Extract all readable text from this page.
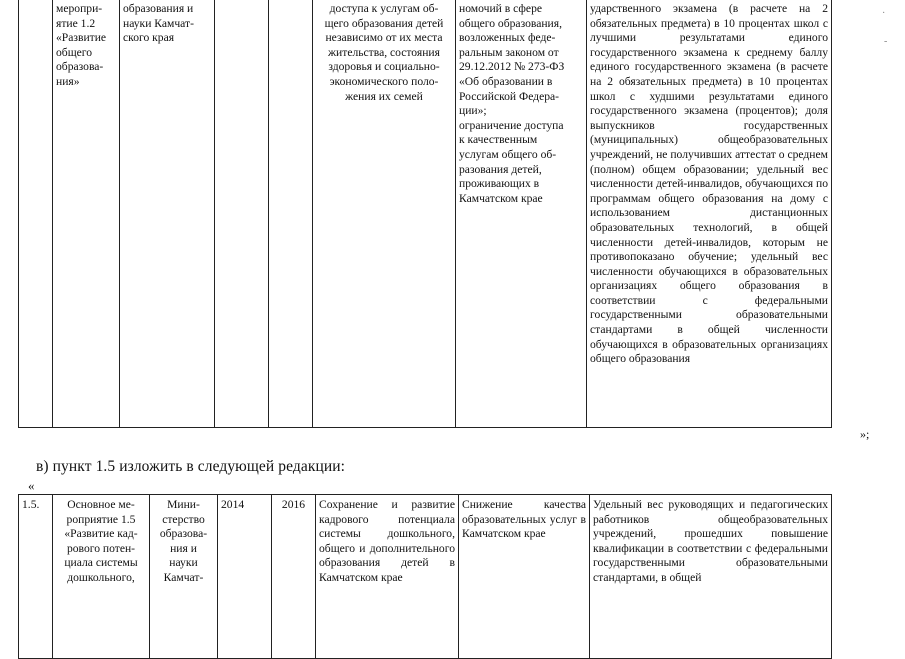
	меропри-
ятие 1.2
«Развитие
общего
образова-
ния»	образования и
науки Камчат-
ского края			доступа к услугам об-
щего образования детей
независимо от их места
жительства, состояния
здоровья и социально-
экономического поло-
жения их семей	номочий в сфере
общего образования,
возложенных феде-
ральным законом от
29.12.2012 № 273-ФЗ
«Об образовании в
Российской Федера-
ции»;
ограничение доступа
к качественным
услугам общего об-
разования детей,
проживающих в
Камчатском крае	ударственного экзамена (в расчете на 2 обязательных предмета) в 10 процентах школ с лучшими результатами единого государственного экзамена к среднему баллу единого государственного экзамена (в расчете на 2 обязательных предмета) в 10 процентах школ с худшими результатами единого государственного экзамена (процентов); доля выпускников государственных (муниципальных) общеобразовательных учреждений, не получивших аттестат о среднем (полном) общем образовании; удельный вес численности детей-инвалидов, обучающихся по программам общего образования на дому с использованием дистанционных образовательных технологий, в общей численности детей-инвалидов, которым не противопоказано обучение; удельный вес численности обучающихся в образовательных организациях общего образования в соответствии с федеральными государственными образовательными стандартами в общей численности обучающихся в образовательных организациях общего образования
»;
в) пункт 1.5 изложить в следующей редакции:
«
1.5.	Основное ме-
роприятие 1.5
«Развитие кад-
рового потен-
циала системы
дошкольного,	Мини-
стерство
образова-
ния и
науки
Камчат-	2014	2016	Сохранение и развитие кадрового потенциала системы дошкольного, общего и дополнительного образования детей в Камчатском крае	Снижение качества образовательных услуг в Камчатском крае	Удельный вес руководящих и педагогических работников общеобразовательных учреждений, прошедших повышение квалификации в соответствии с федеральными государственными образовательными стандартами, в общей
·
-
